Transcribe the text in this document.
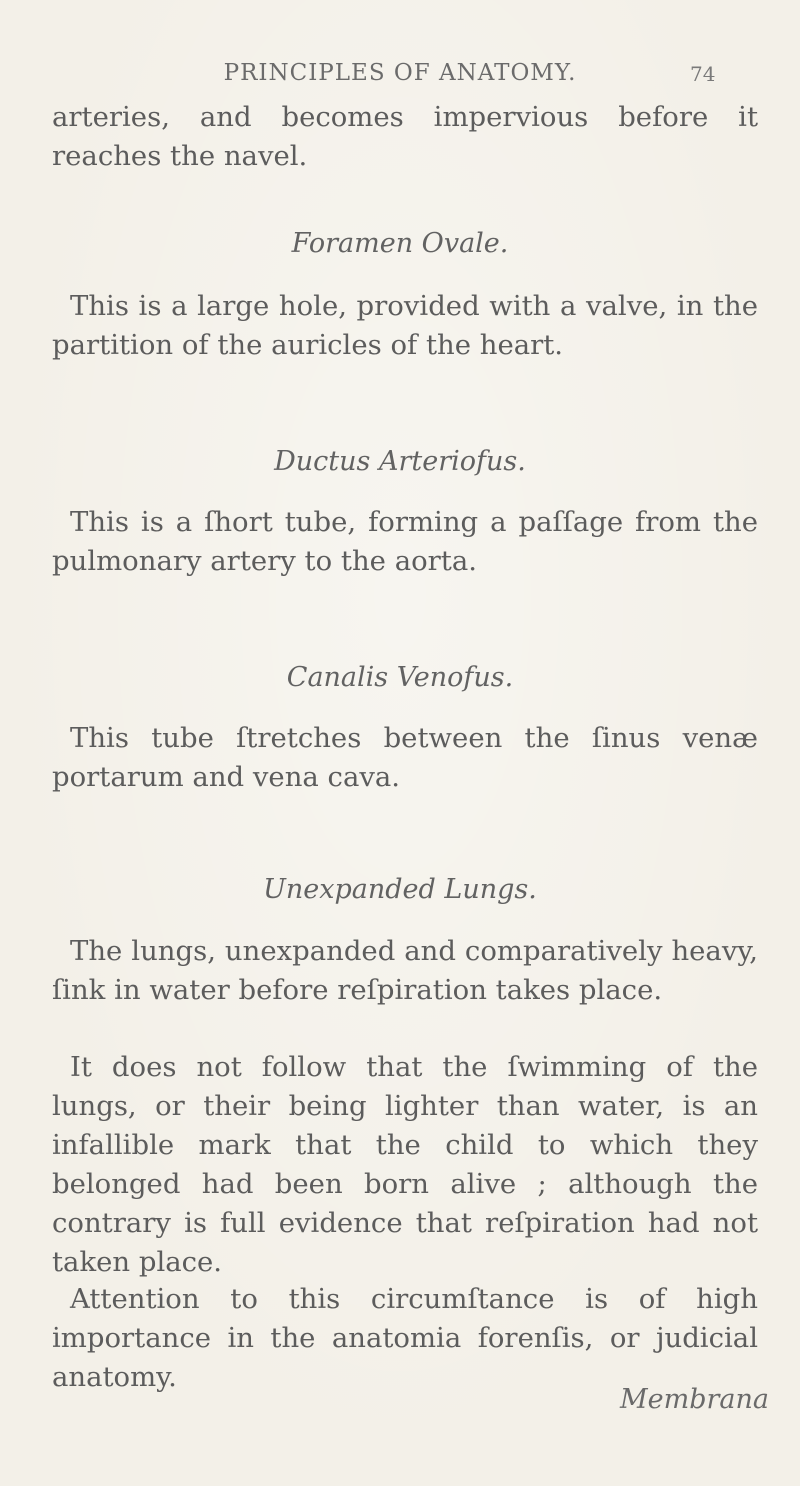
PRINCIPLES OF ANATOMY.	74
arteries, and becomes impervious before it reaches the navel.
Foramen Ovale.
This is a large hole, provided with a valve, in the partition of the auricles of the heart.
Ductus Arteriofus.
This is a ſhort tube, forming a paſſage from the pulmonary artery to the aorta.
Canalis Venofus.
This tube ſtretches between the ſinus venæ portarum and vena cava.
Unexpanded Lungs.
The lungs, unexpanded and comparatively heavy, ſink in water before reſpiration takes place.
It does not follow that the ſwimming of the lungs, or their being lighter than water, is an infallible mark that the child to which they belonged had been born alive ; although the contrary is full evidence that reſpiration had not taken place.
Attention to this circumſtance is of high importance in the anatomia forenſis, or judicial anatomy.
Membrana
